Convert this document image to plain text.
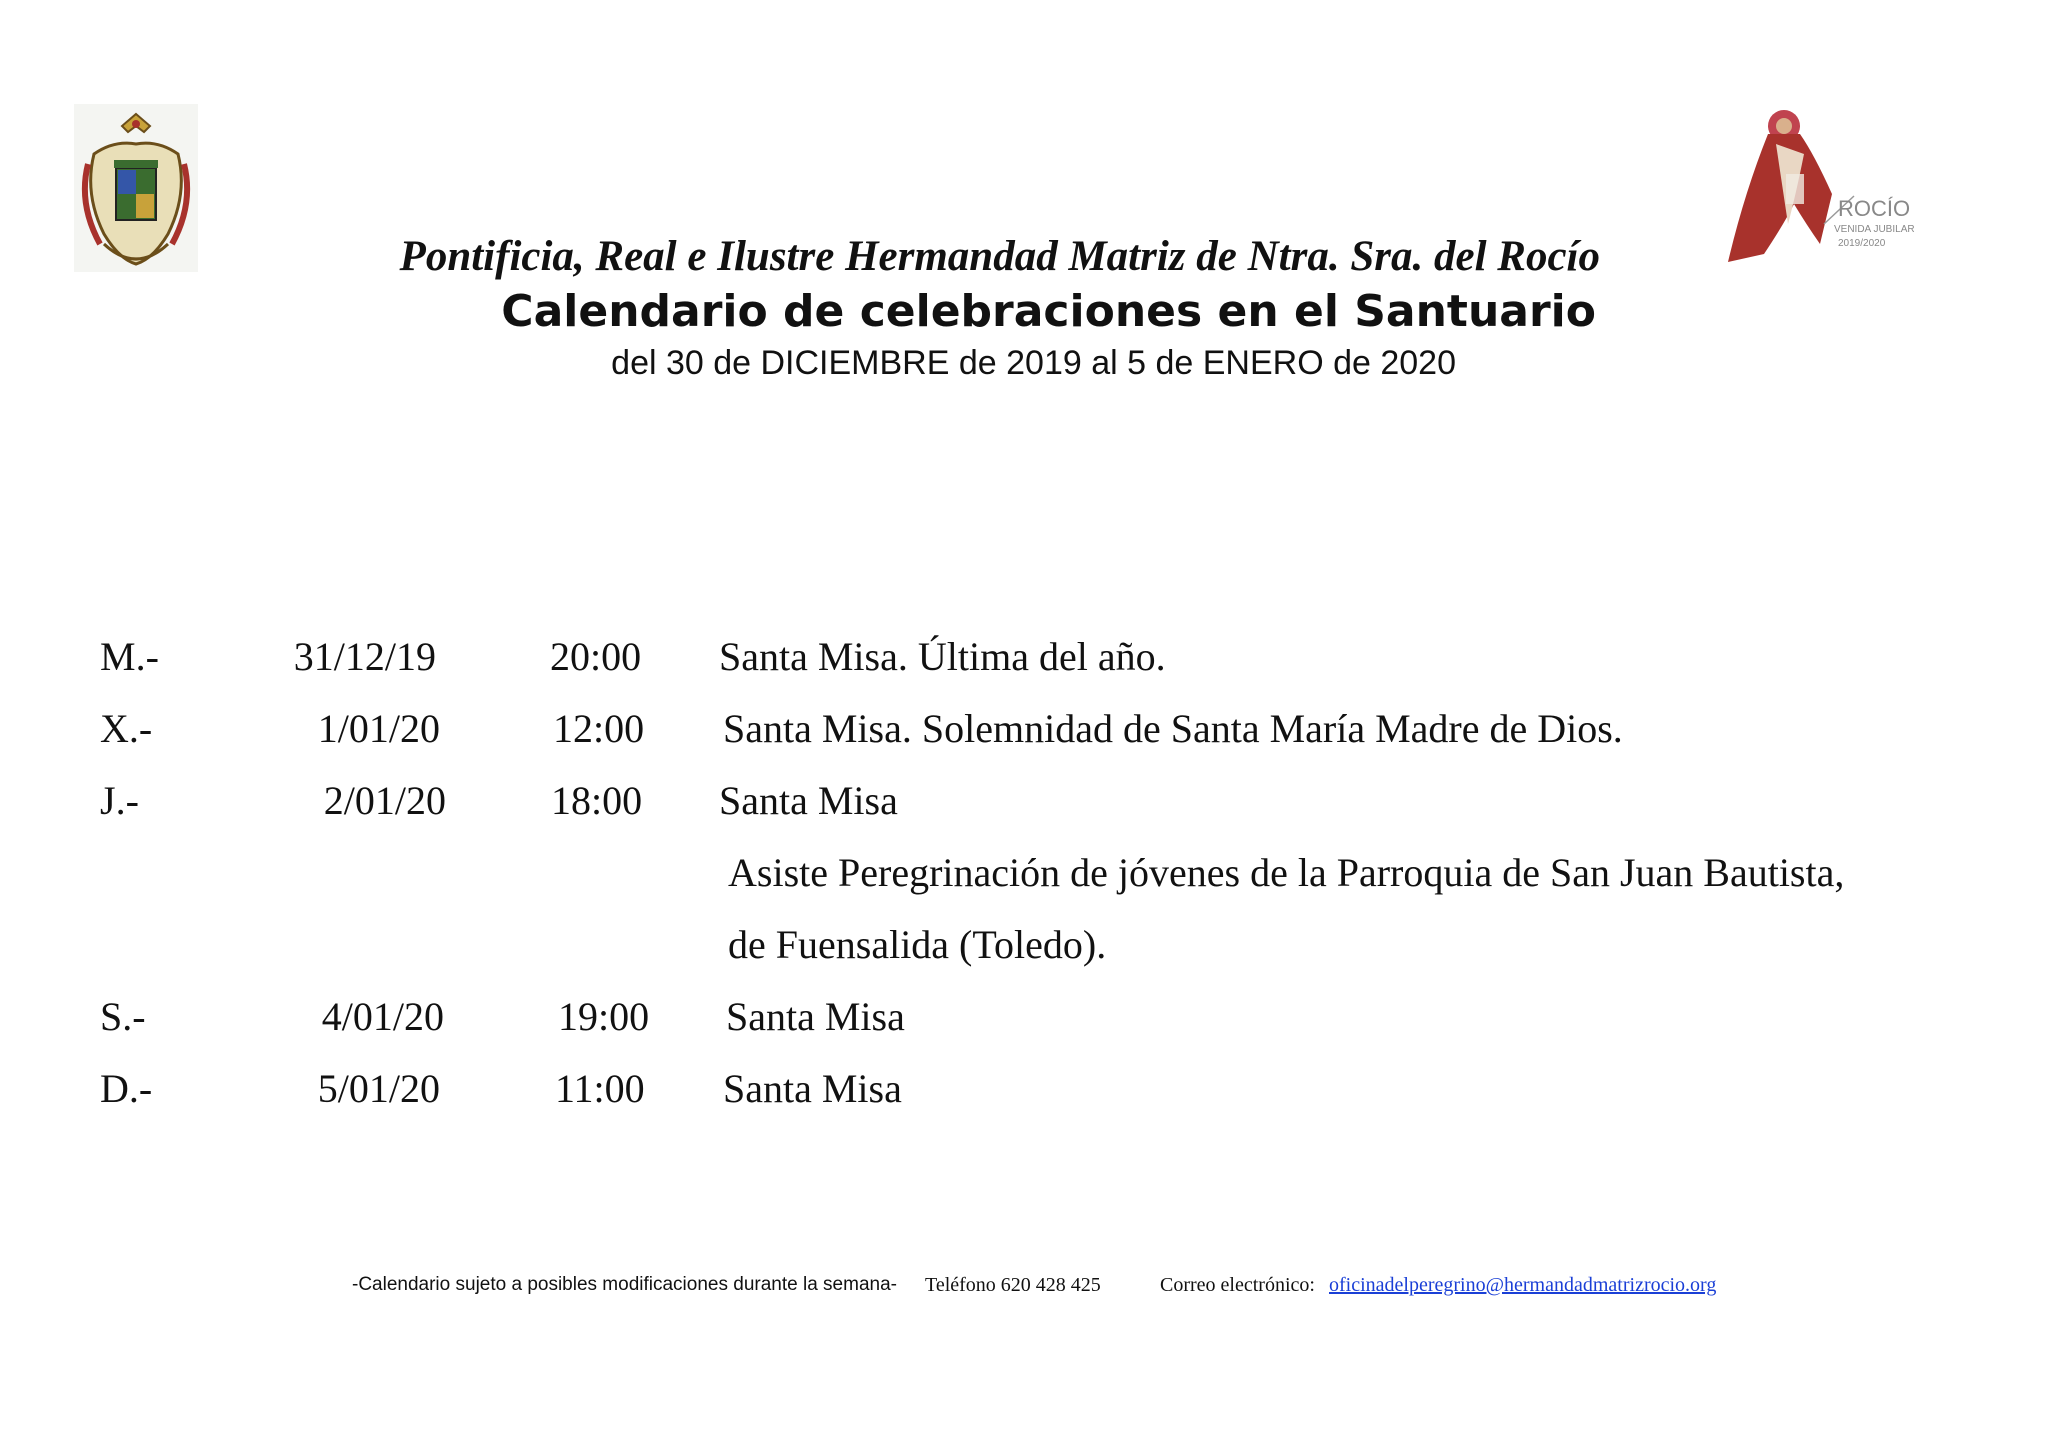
ROCÍO
VENIDA JUBILAR
2019/2020
Pontificia, Real e Ilustre Hermandad Matriz de Ntra. Sra. del Rocío
Calendario de celebraciones en el Santuario
del 30 de DICIEMBRE de 2019 al 5 de ENERO de 2020
M.-	31/12/19	20:00 Santa Misa. Última del año.
X.-	1/01/20	12:00 Santa Misa. Solemnidad de Santa María Madre de Dios.
J.-	2/01/20	18:00 Santa Misa
Asiste Peregrinación de jóvenes de la Parroquia de San Juan Bautista,
de Fuensalida (Toledo).
S.-	4/01/20	19:00 Santa Misa
D.-	5/01/20	11:00 Santa Misa
-Calendario sujeto a posibles modificaciones durante la semana- Teléfono 620 428 425	Correo electrónico: oficinadelperegrino@hermandadmatrizrocio.org
